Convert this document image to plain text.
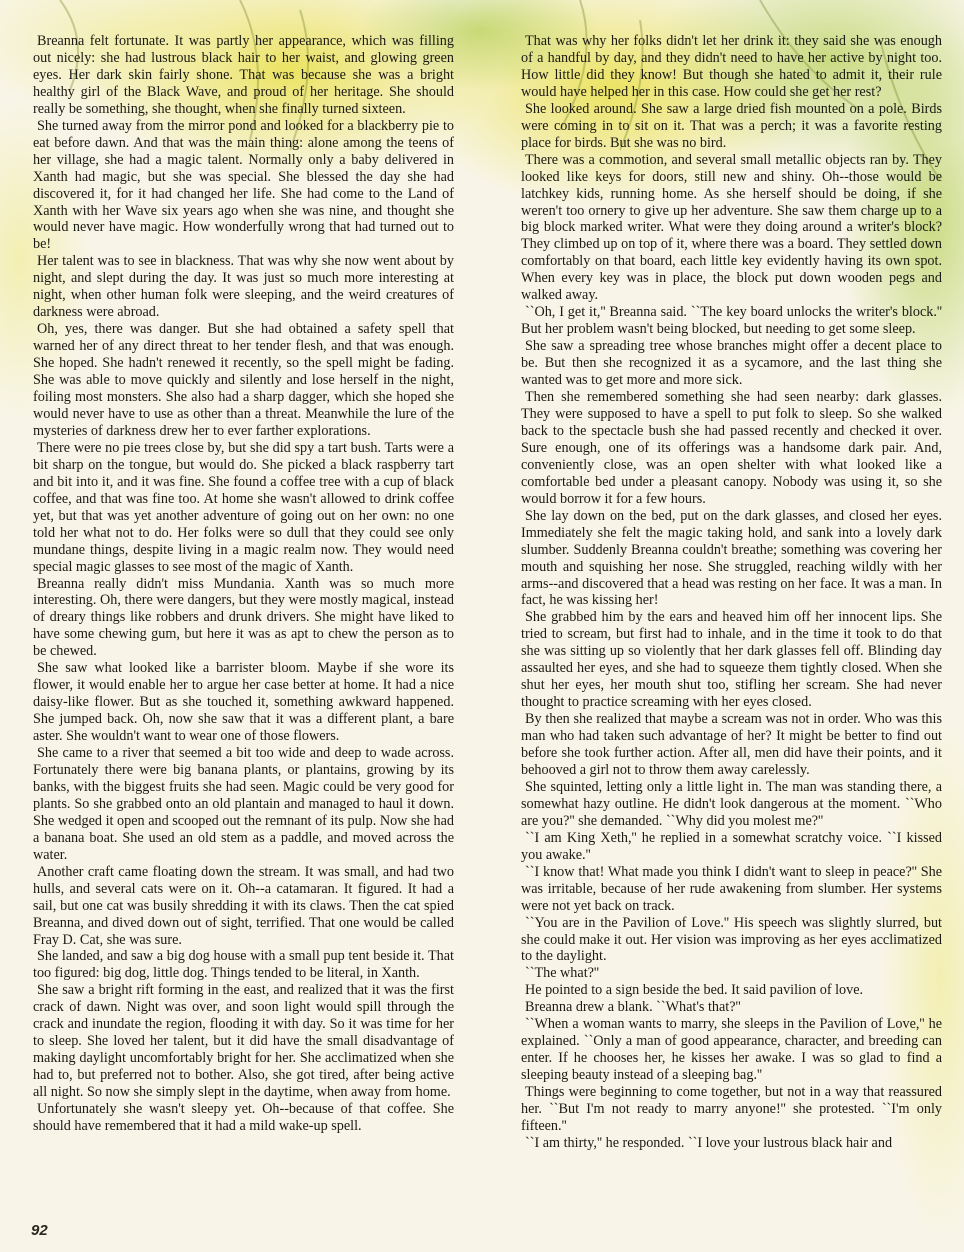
Breanna felt fortunate. It was partly her appearance, which was filling out nicely: she had lustrous black hair to her waist, and glowing green eyes. Her dark skin fairly shone. That was because she was a bright healthy girl of the Black Wave, and proud of her heritage. She should really be something, she thought, when she finally turned sixteen.

She turned away from the mirror pond and looked for a blackberry pie to eat before dawn. And that was the main thing: alone among the teens of her village, she had a magic talent. Normally only a baby delivered in Xanth had magic, but she was special. She blessed the day she had discovered it, for it had changed her life. She had come to the Land of Xanth with her Wave six years ago when she was nine, and thought she would never have magic. How wonderfully wrong that had turned out to be!

Her talent was to see in blackness. That was why she now went about by night, and slept during the day. It was just so much more interesting at night, when other human folk were sleeping, and the weird creatures of darkness were abroad.

Oh, yes, there was danger. But she had obtained a safety spell that warned her of any direct threat to her tender flesh, and that was enough. She hoped. She hadn't renewed it recently, so the spell might be fading. She was able to move quickly and silently and lose herself in the night, foiling most monsters. She also had a sharp dagger, which she hoped she would never have to use as other than a threat. Meanwhile the lure of the mysteries of darkness drew her to ever farther explorations.

There were no pie trees close by, but she did spy a tart bush. Tarts were a bit sharp on the tongue, but would do. She picked a black raspberry tart and bit into it, and it was fine. She found a coffee tree with a cup of black coffee, and that was fine too. At home she wasn't allowed to drink coffee yet, but that was yet another adventure of going out on her own: no one told her what not to do. Her folks were so dull that they could see only mundane things, despite living in a magic realm now. They would need special magic glasses to see most of the magic of Xanth.

Breanna really didn't miss Mundania. Xanth was so much more interesting. Oh, there were dangers, but they were mostly magical, instead of dreary things like robbers and drunk drivers. She might have liked to have some chewing gum, but here it was as apt to chew the person as to be chewed.

She saw what looked like a barrister bloom. Maybe if she wore its flower, it would enable her to argue her case better at home. It had a nice daisy-like flower. But as she touched it, something awkward happened. She jumped back. Oh, now she saw that it was a different plant, a bare aster. She wouldn't want to wear one of those flowers.

She came to a river that seemed a bit too wide and deep to wade across. Fortunately there were big banana plants, or plantains, growing by its banks, with the biggest fruits she had seen. Magic could be very good for plants. So she grabbed onto an old plantain and managed to haul it down. She wedged it open and scooped out the remnant of its pulp. Now she had a banana boat. She used an old stem as a paddle, and moved across the water.

Another craft came floating down the stream. It was small, and had two hulls, and several cats were on it. Oh--a catamaran. It figured. It had a sail, but one cat was busily shredding it with its claws. Then the cat spied Breanna, and dived down out of sight, terrified. That one would be called Fray D. Cat, she was sure.

She landed, and saw a big dog house with a small pup tent beside it. That too figured: big dog, little dog. Things tended to be literal, in Xanth.

She saw a bright rift forming in the east, and realized that it was the first crack of dawn. Night was over, and soon light would spill through the crack and inundate the region, flooding it with day. So it was time for her to sleep. She loved her talent, but it did have the small disadvantage of making daylight uncomfortably bright for her. She acclimatized when she had to, but preferred not to bother. Also, she got tired, after being active all night. So now she simply slept in the daytime, when away from home.

Unfortunately she wasn't sleepy yet. Oh--because of that coffee. She should have remembered that it had a mild wake-up spell.

That was why her folks didn't let her drink it: they said she was enough of a handful by day, and they didn't need to have her active by night too. How little did they know! But though she hated to admit it, their rule would have helped her in this case. How could she get her rest?

She looked around. She saw a large dried fish mounted on a pole. Birds were coming in to sit on it. That was a perch; it was a favorite resting place for birds. But she was no bird.

There was a commotion, and several small metallic objects ran by. They looked like keys for doors, still new and shiny. Oh--those would be latchkey kids, running home. As she herself should be doing, if she weren't too ornery to give up her adventure. She saw them charge up to a big block marked writer. What were they doing around a writer's block? They climbed up on top of it, where there was a board. They settled down comfortably on that board, each little key evidently having its own spot. When every key was in place, the block put down wooden pegs and walked away.

``Oh, I get it,'' Breanna said. ``The key board unlocks the writer's block.'' But her problem wasn't being blocked, but needing to get some sleep.

She saw a spreading tree whose branches might offer a decent place to be. But then she recognized it as a sycamore, and the last thing she wanted was to get more and more sick.

Then she remembered something she had seen nearby: dark glasses. They were supposed to have a spell to put folk to sleep. So she walked back to the spectacle bush she had passed recently and checked it over. Sure enough, one of its offerings was a handsome dark pair. And, conveniently close, was an open shelter with what looked like a comfortable bed under a pleasant canopy. Nobody was using it, so she would borrow it for a few hours.

She lay down on the bed, put on the dark glasses, and closed her eyes. Immediately she felt the magic taking hold, and sank into a lovely dark slumber. Suddenly Breanna couldn't breathe; something was covering her mouth and squishing her nose. She struggled, reaching wildly with her arms--and discovered that a head was resting on her face. It was a man. In fact, he was kissing her!

She grabbed him by the ears and heaved him off her innocent lips. She tried to scream, but first had to inhale, and in the time it took to do that she was sitting up so violently that her dark glasses fell off. Blinding day assaulted her eyes, and she had to squeeze them tightly closed. When she shut her eyes, her mouth shut too, stifling her scream. She had never thought to practice screaming with her eyes closed.

By then she realized that maybe a scream was not in order. Who was this man who had taken such advantage of her? It might be better to find out before she took further action. After all, men did have their points, and it behooved a girl not to throw them away carelessly.

She squinted, letting only a little light in. The man was standing there, a somewhat hazy outline. He didn't look dangerous at the moment. ``Who are you?'' she demanded. ``Why did you molest me?''

``I am King Xeth,'' he replied in a somewhat scratchy voice. ``I kissed you awake.''

``I know that! What made you think I didn't want to sleep in peace?'' She was irritable, because of her rude awakening from slumber. Her systems were not yet back on track.

``You are in the Pavilion of Love.'' His speech was slightly slurred, but she could make it out. Her vision was improving as her eyes acclimatized to the daylight.

``The what?''

He pointed to a sign beside the bed. It said pavilion of love.

Breanna drew a blank. ``What's that?''

``When a woman wants to marry, she sleeps in the Pavilion of Love,'' he explained. ``Only a man of good appearance, character, and breeding can enter. If he chooses her, he kisses her awake. I was so glad to find a sleeping beauty instead of a sleeping bag.''

Things were beginning to come together, but not in a way that reassured her. ``But I'm not ready to marry anyone!'' she protested. ``I'm only fifteen.''

``I am thirty,'' he responded. ``I love your lustrous black hair and

92
